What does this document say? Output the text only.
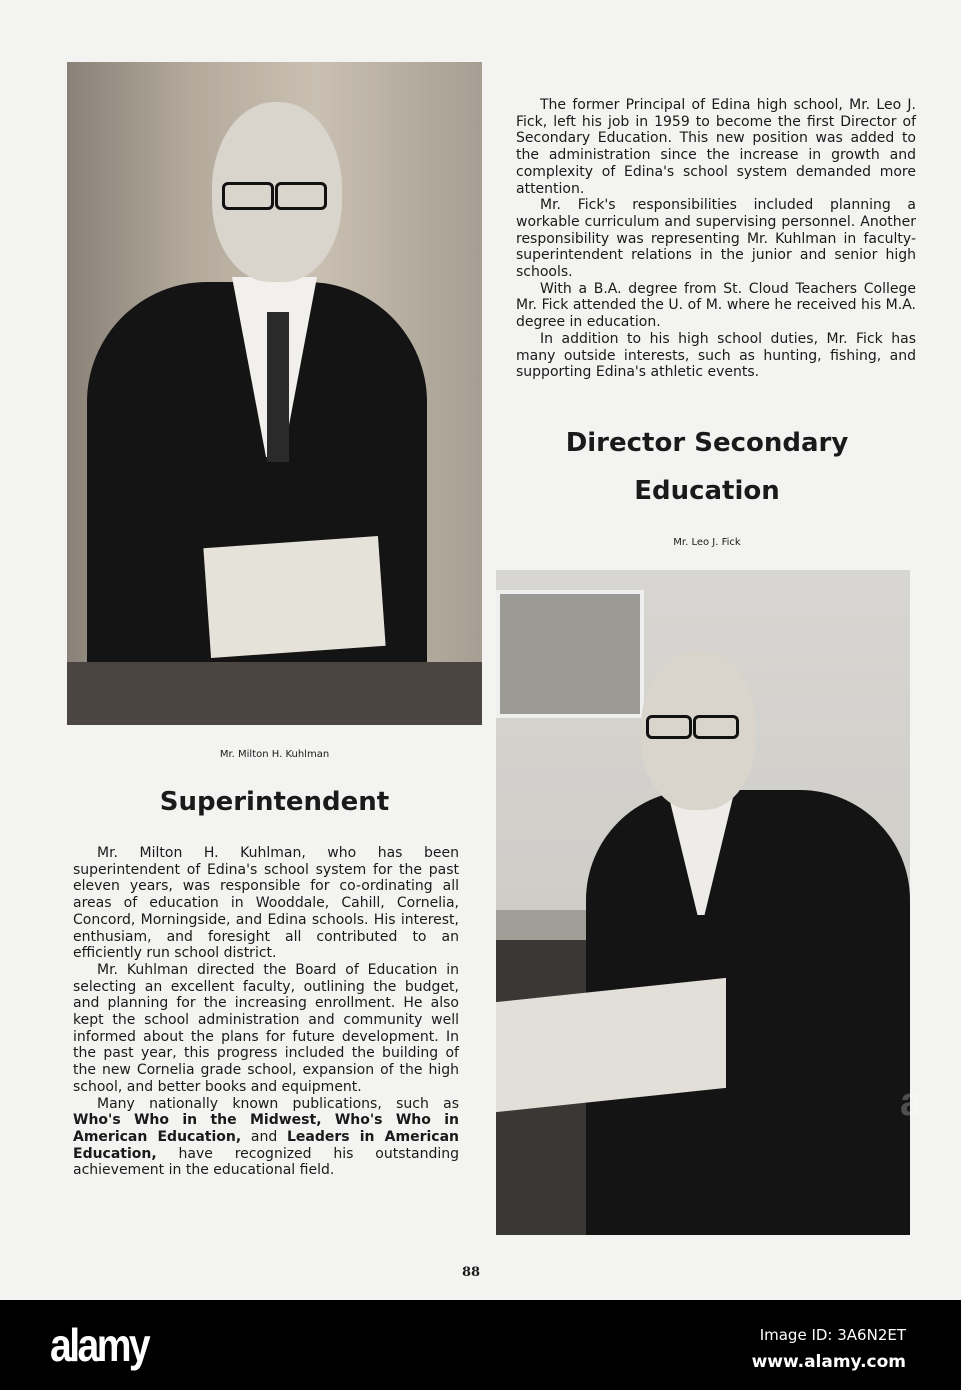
Mr. Milton H. Kuhlman
Superintendent

Mr. Milton H. Kuhlman, who has been superintendent of Edina's school system for the past eleven years, was responsible for co-ordinating all areas of education in Wooddale, Cahill, Cornelia, Concord, Morningside, and Edina schools. His interest, enthusiam, and foresight all contributed to an efficiently run school district.

Mr. Kuhlman directed the Board of Education in selecting an excellent faculty, outlining the budget, and planning for the increasing enrollment. He also kept the school administration and community well informed about the plans for future development. In the past year, this progress included the building of the new Cornelia grade school, expansion of the high school, and better books and equipment.

Many nationally known publications, such as Who's Who in the Midwest, Who's Who in American Education, and Leaders in American Education, have recognized his outstanding achievement in the educational field.

The former Principal of Edina high school, Mr. Leo J. Fick, left his job in 1959 to become the first Director of Secondary Education. This new position was added to the administration since the increase in growth and complexity of Edina's school system demanded more attention.

Mr. Fick's responsibilities included planning a workable curriculum and supervising personnel. Another responsibility was representing Mr. Kuhlman in faculty-superintendent relations in the junior and senior high schools.

With a B.A. degree from St. Cloud Teachers College Mr. Fick attended the U. of M. where he received his M.A. degree in education.

In addition to his high school duties, Mr. Fick has many outside interests, such as hunting, fishing, and supporting Edina's athletic events.

Director Secondary
Education
Mr. Leo J. Fick
88
a
alamy	Image ID: 3A6N2ET
www.alamy.com
